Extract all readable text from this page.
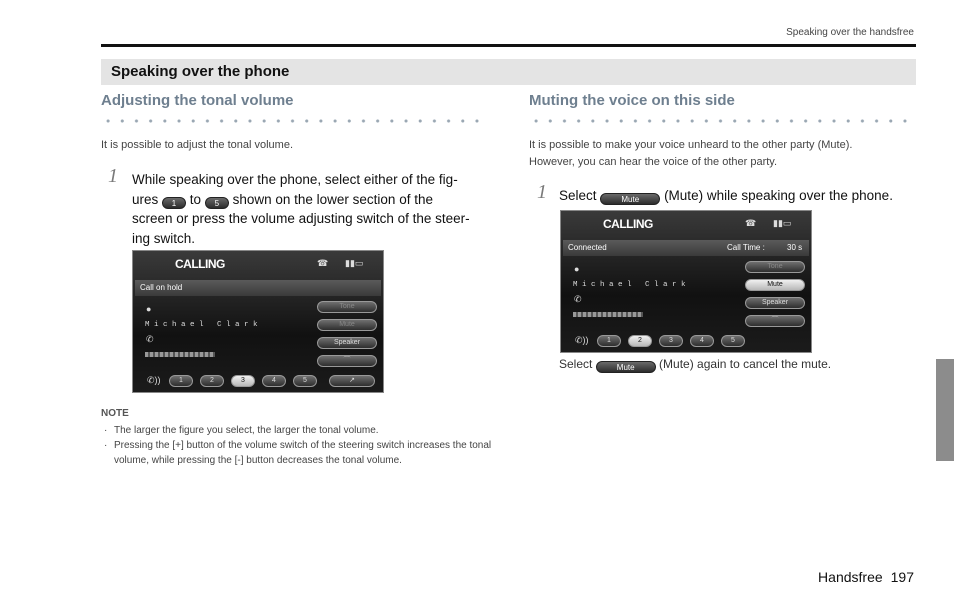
Speaking over the handsfree
Speaking over the phone
Adjusting the tonal volume
It is possible to adjust the tonal volume.
1 While speaking over the phone, select either of the fig-
ures 1 to 5 shown on the lower section of the
screen or press the volume adjusting switch of the steer-
ing switch.
CALLING	☎ ▮▮▭
Call on hold
●
Michael Clark
✆
Tone
Mute
Speaker
⌒
✆))	1	2	3	4	5	↗
NOTE
· The larger the figure you select, the larger the tonal volume.
· Pressing the [+] button of the volume switch of the steering switch increases the tonal volume, while pressing the [-] button decreases the tonal volume.
Muting the voice on this side
It is possible to make your voice unheard to the other party (Mute).
However, you can hear the voice of the other party.
1 Select	Mute (Mute) while speaking over the phone.
CALLING	☎ ▮▮▭
Connected	Call Time :	30 s
●
Michael Clark
✆
Tone
Mute
Speaker
⌒
✆))	1	2	3	4	5
Select	Mute (Mute) again to cancel the mute.
Handsfree 197
